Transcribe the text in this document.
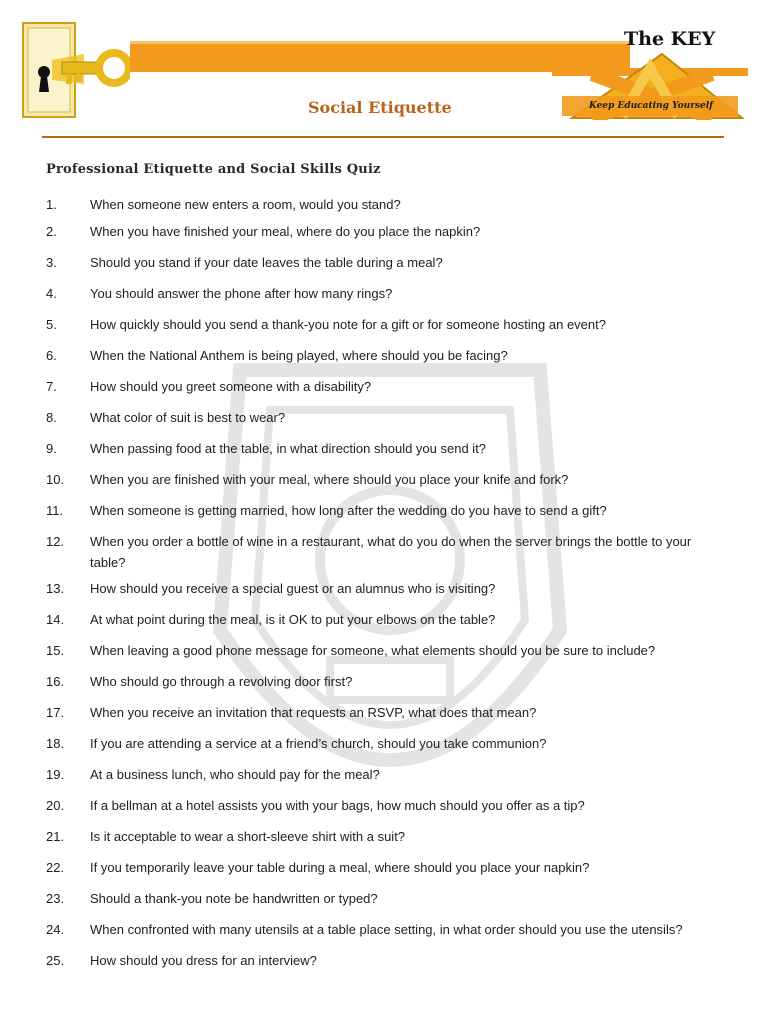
Social Etiquette
The KEY
Keep Educating Yourself
Professional Etiquette and Social Skills Quiz
1.	When someone new enters a room, would you stand?
2.	When you have finished your meal, where do you place the napkin?
3.	Should you stand if your date leaves the table during a meal?
4.	You should answer the phone after how many rings?
5.	How quickly should you send a thank-you note for a gift or for someone hosting an event?
6.	When the National Anthem is being played, where should you be facing?
7.	How should you greet someone with a disability?
8.	What color of suit is best to wear?
9.	When passing food at the table, in what direction should you send it?
10. When you are finished with your meal, where should you place your knife and fork?
11. When someone is getting married, how long after the wedding do you have to send a gift?
12. When you order a bottle of wine in a restaurant, what do you do when the server brings the bottle to your table?
13. How should you receive a special guest or an alumnus who is visiting?
14. At what point during the meal, is it OK to put your elbows on the table?
15. When leaving a good phone message for someone, what elements should you be sure to include?
16. Who should go through a revolving door first?
17. When you receive an invitation that requests an RSVP, what does that mean?
18. If you are attending a service at a friend’s church, should you take communion?
19. At a business lunch, who should pay for the meal?
20. If a bellman at a hotel assists you with your bags, how much should you offer as a tip?
21. Is it acceptable to wear a short-sleeve shirt with a suit?
22. If you temporarily leave your table during a meal, where should you place your napkin?
23. Should a thank-you note be handwritten or typed?
24. When confronted with many utensils at a table place setting, in what order should you use the utensils?
25. How should you dress for an interview?
